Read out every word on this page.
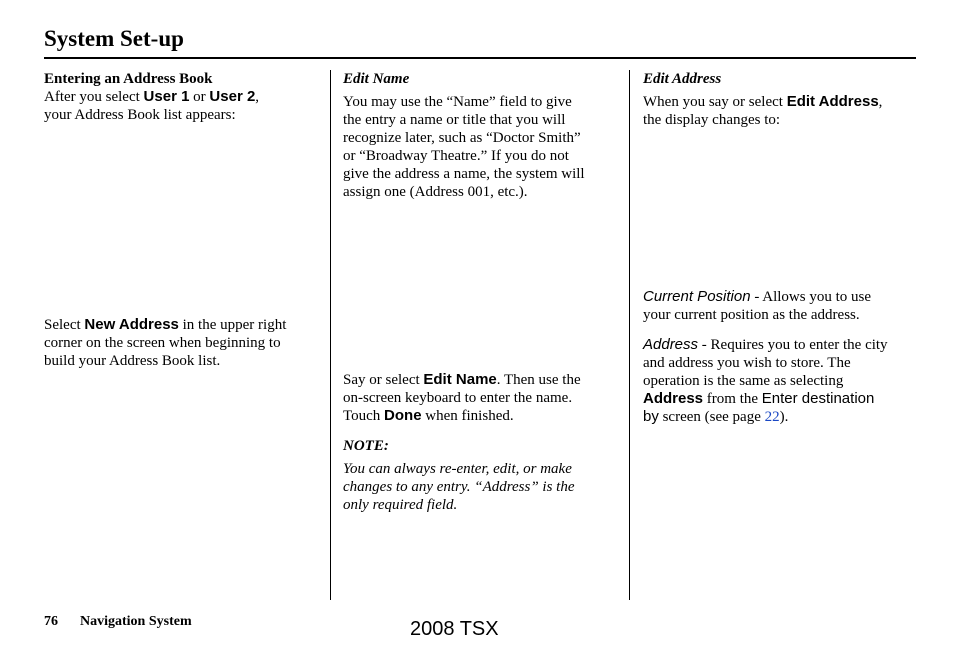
System Set-up

Entering an Address Book

After you select User 1 or User 2,
your Address Book list appears:

Select New Address in the upper right
corner on the screen when beginning to
build your Address Book list.

Edit Name

You may use the “Name” field to give
the entry a name or title that you will
recognize later, such as “Doctor Smith”
or “Broadway Theatre.” If you do not
give the address a name, the system will
assign one (Address 001, etc.).

Say or select Edit Name. Then use the
on-screen keyboard to enter the name.
Touch Done when finished.

NOTE:

You can always re-enter, edit, or make
changes to any entry. “Address” is the
only required field.

Edit Address

When you say or select Edit Address,
the display changes to:

Current Position - Allows you to use
your current position as the address.

Address - Requires you to enter the city
and address you wish to store. The
operation is the same as selecting
Address from the Enter destination
by screen (see page 22).

76 Navigation System	2008 TSX
